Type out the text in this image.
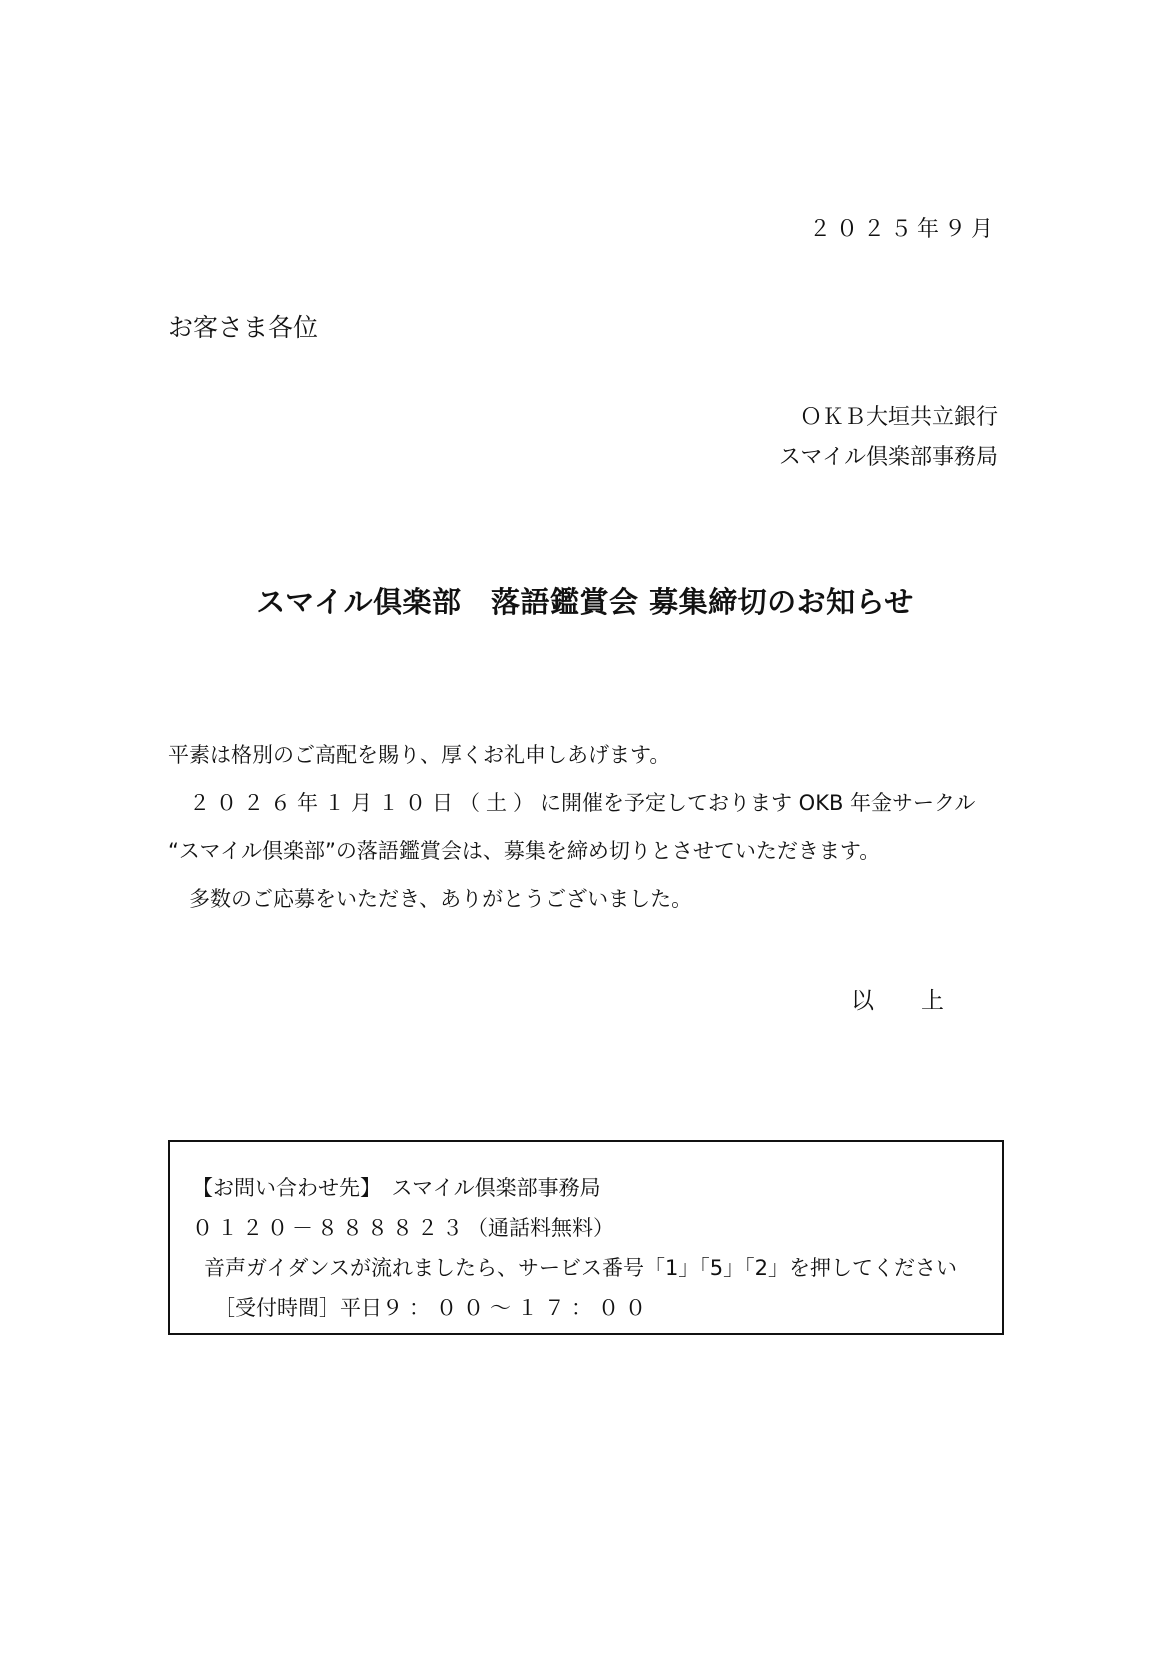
２０２５年９月
お客さま各位
ＯＫＢ大垣共立銀行
スマイル倶楽部事務局
スマイル倶楽部　落語鑑賞会 募集締切のお知らせ
平素は格別のご高配を賜り、厚くお礼申しあげます。
　２０２６年１月１０日（土）に開催を予定しております OKB 年金サークル
“スマイル倶楽部”の落語鑑賞会は、募集を締め切りとさせていただきます。
　多数のご応募をいただき、ありがとうございました。
以　上
【お問い合わせ先】　スマイル倶楽部事務局
０１２０－８８８８２３（通話料無料）
音声ガイダンスが流れましたら、サービス番号「1」「5」「2」を押してください
［受付時間］平日９：００～１７：００
